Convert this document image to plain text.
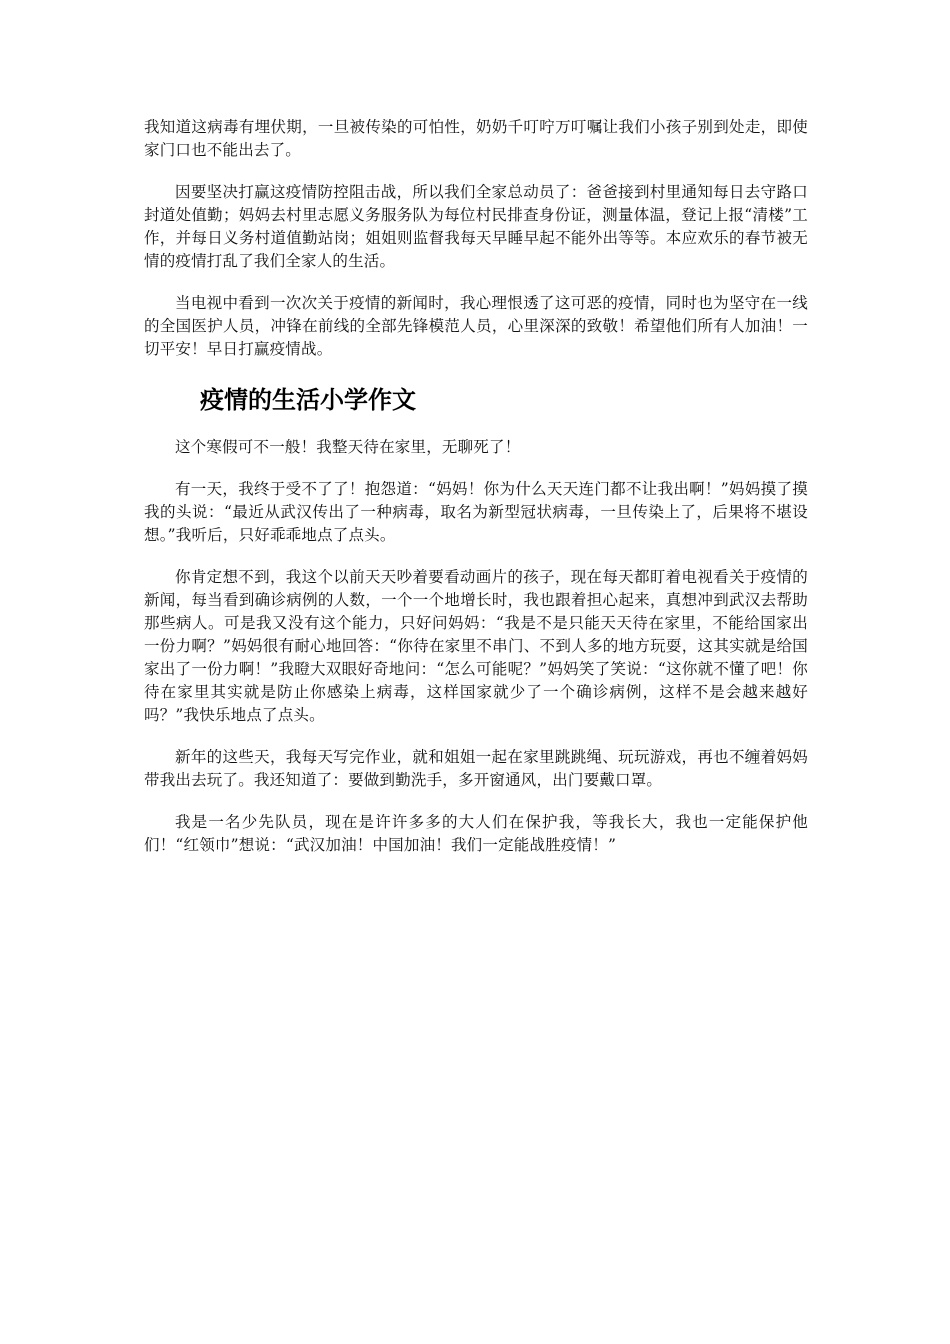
我知道这病毒有埋伏期，一旦被传染的可怕性，奶奶千叮咛万叮嘱让我们小孩子别到处走，即使家门口也不能出去了。

因要坚决打赢这疫情防控阻击战，所以我们全家总动员了：爸爸接到村里通知每日去守路口封道处值勤；妈妈去村里志愿义务服务队为每位村民排查身份证，测量体温，登记上报“清楼”工作，并每日义务村道值勤站岗；姐姐则监督我每天早睡早起不能外出等等。本应欢乐的春节被无情的疫情打乱了我们全家人的生活。

当电视中看到一次次关于疫情的新闻时，我心理恨透了这可恶的疫情，同时也为坚守在一线的全国医护人员，冲锋在前线的全部先锋模范人员，心里深深的致敬！希望他们所有人加油！一切平安！早日打赢疫情战。

疫情的生活小学作文

这个寒假可不一般！我整天待在家里，无聊死了！

有一天，我终于受不了了！抱怨道：“妈妈！你为什么天天连门都不让我出啊！”妈妈摸了摸我的头说：“最近从武汉传出了一种病毒，取名为新型冠状病毒，一旦传染上了，后果将不堪设想。”我听后，只好乖乖地点了点头。

你肯定想不到，我这个以前天天吵着要看动画片的孩子，现在每天都盯着电视看关于疫情的新闻，每当看到确诊病例的人数，一个一个地增长时，我也跟着担心起来，真想冲到武汉去帮助那些病人。可是我又没有这个能力，只好问妈妈：“我是不是只能天天待在家里，不能给国家出一份力啊？”妈妈很有耐心地回答：“你待在家里不串门、不到人多的地方玩耍，这其实就是给国家出了一份力啊！”我瞪大双眼好奇地问：“怎么可能呢？”妈妈笑了笑说：“这你就不懂了吧！你待在家里其实就是防止你感染上病毒，这样国家就少了一个确诊病例，这样不是会越来越好吗？”我快乐地点了点头。

新年的这些天，我每天写完作业，就和姐姐一起在家里跳跳绳、玩玩游戏，再也不缠着妈妈带我出去玩了。我还知道了：要做到勤洗手，多开窗通风，出门要戴口罩。

我是一名少先队员，现在是许许多多的大人们在保护我，等我长大，我也一定能保护他们！“红领巾”想说：“武汉加油！中国加油！我们一定能战胜疫情！”
